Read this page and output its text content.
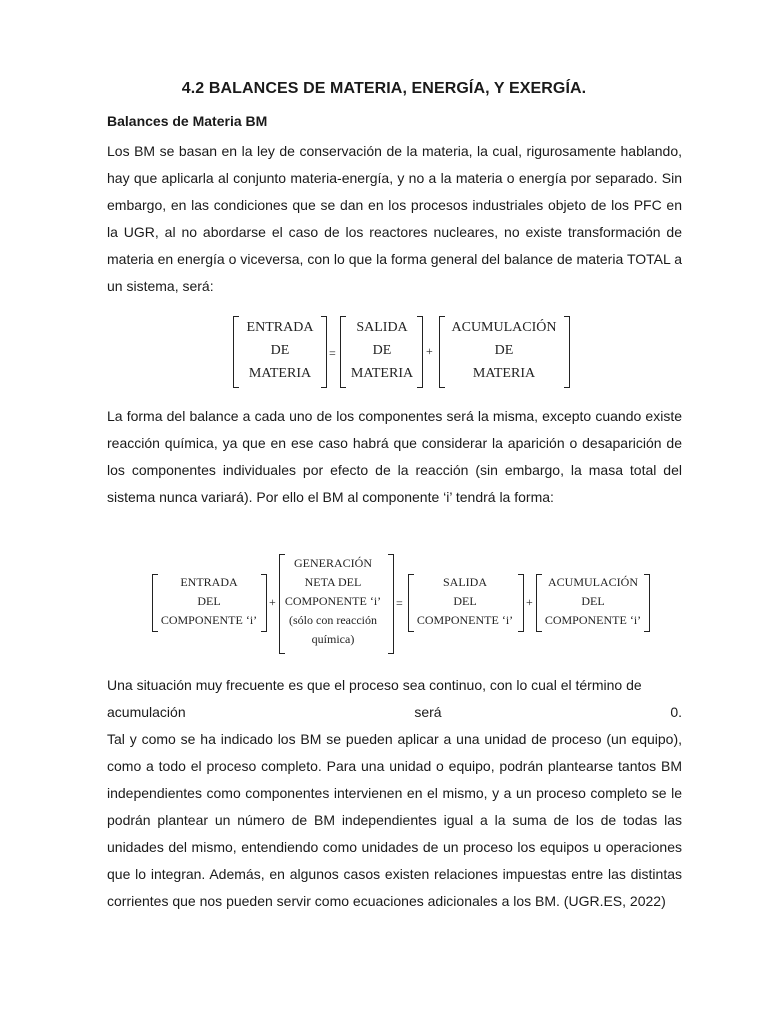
4.2 BALANCES DE MATERIA, ENERGÍA, Y EXERGÍA.
Balances de Materia BM

Los BM se basan en la ley de conservación de la materia, la cual, rigurosamente hablando, hay que aplicarla al conjunto materia-energía, y no a la materia o energía por separado. Sin embargo, en las condiciones que se dan en los procesos industriales objeto de los PFC en la UGR, al no abordarse el caso de los reactores nucleares, no existe transformación de materia en energía o viceversa, con lo que la forma general del balance de materia TOTAL a un sistema, será:

ENTRADA
DE
MATERIA
=
SALIDA
DE
MATERIA
+
ACUMULACIÓN
DE
MATERIA

La forma del balance a cada uno de los componentes será la misma, excepto cuando existe reacción química, ya que en ese caso habrá que considerar la aparición o desaparición de los componentes individuales por efecto de la reacción (sin embargo, la masa total del sistema nunca variará). Por ello el BM al componente ‘i’ tendrá la forma:

ENTRADA
DEL
COMPONENTE ‘i’
+
GENERACIÓN
NETA DEL
COMPONENTE ‘i’
(sólo con reacción
química)
=
SALIDA
DEL
COMPONENTE ‘i’
+
ACUMULACIÓN
DEL
COMPONENTE ‘i’

Una situación muy frecuente es que el proceso sea continuo, con lo cual el término de

acumulación será 0.

Tal y como se ha indicado los BM se pueden aplicar a una unidad de proceso (un equipo), como a todo el proceso completo. Para una unidad o equipo, podrán plantearse tantos BM independientes como componentes intervienen en el mismo, y a un proceso completo se le podrán plantear un número de BM independientes igual a la suma de los de todas las unidades del mismo, entendiendo como unidades de un proceso los equipos u operaciones que lo integran. Además, en algunos casos existen relaciones impuestas entre las distintas corrientes que nos pueden servir como ecuaciones adicionales a los BM. (UGR.ES, 2022)
